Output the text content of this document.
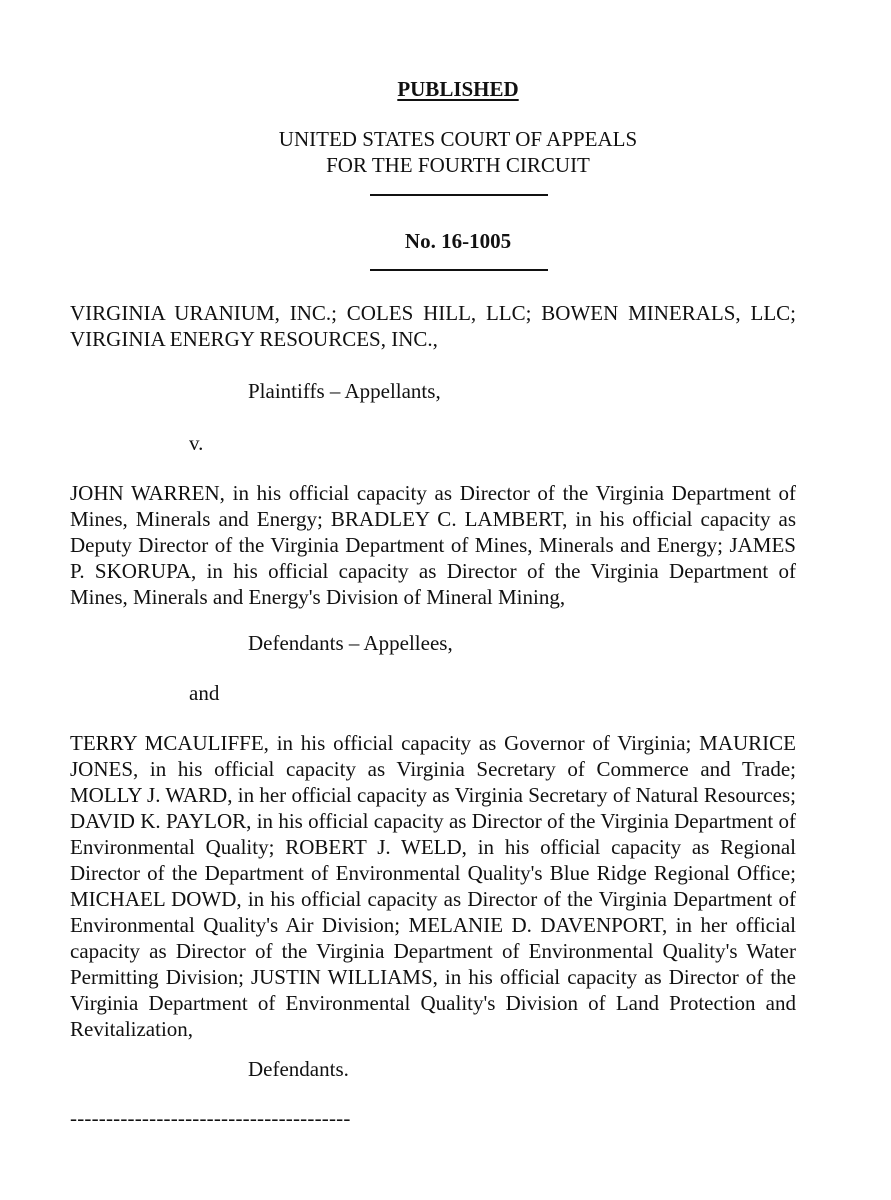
PUBLISHED
UNITED STATES COURT OF APPEALS
FOR THE FOURTH CIRCUIT
No. 16-1005
VIRGINIA URANIUM, INC.; COLES HILL, LLC; BOWEN MINERALS, LLC; VIRGINIA ENERGY RESOURCES, INC.,
Plaintiffs – Appellants,
v.
JOHN WARREN, in his official capacity as Director of the Virginia Department of Mines, Minerals and Energy; BRADLEY C. LAMBERT, in his official capacity as Deputy Director of the Virginia Department of Mines, Minerals and Energy; JAMES P. SKORUPA, in his official capacity as Director of the Virginia Department of Mines, Minerals and Energy's Division of Mineral Mining,
Defendants – Appellees,
and
TERRY MCAULIFFE, in his official capacity as Governor of Virginia; MAURICE JONES, in his official capacity as Virginia Secretary of Commerce and Trade; MOLLY J. WARD, in her official capacity as Virginia Secretary of Natural Resources; DAVID K. PAYLOR, in his official capacity as Director of the Virginia Department of Environmental Quality; ROBERT J. WELD, in his official capacity as Regional Director of the Department of Environmental Quality's Blue Ridge Regional Office; MICHAEL DOWD, in his official capacity as Director of the Virginia Department of Environmental Quality's Air Division; MELANIE D. DAVENPORT, in her official capacity as Director of the Virginia Department of Environmental Quality's Water Permitting Division; JUSTIN WILLIAMS, in his official capacity as Director of the Virginia Department of Environmental Quality's Division of Land Protection and Revitalization,
Defendants.
---------------------------------------
